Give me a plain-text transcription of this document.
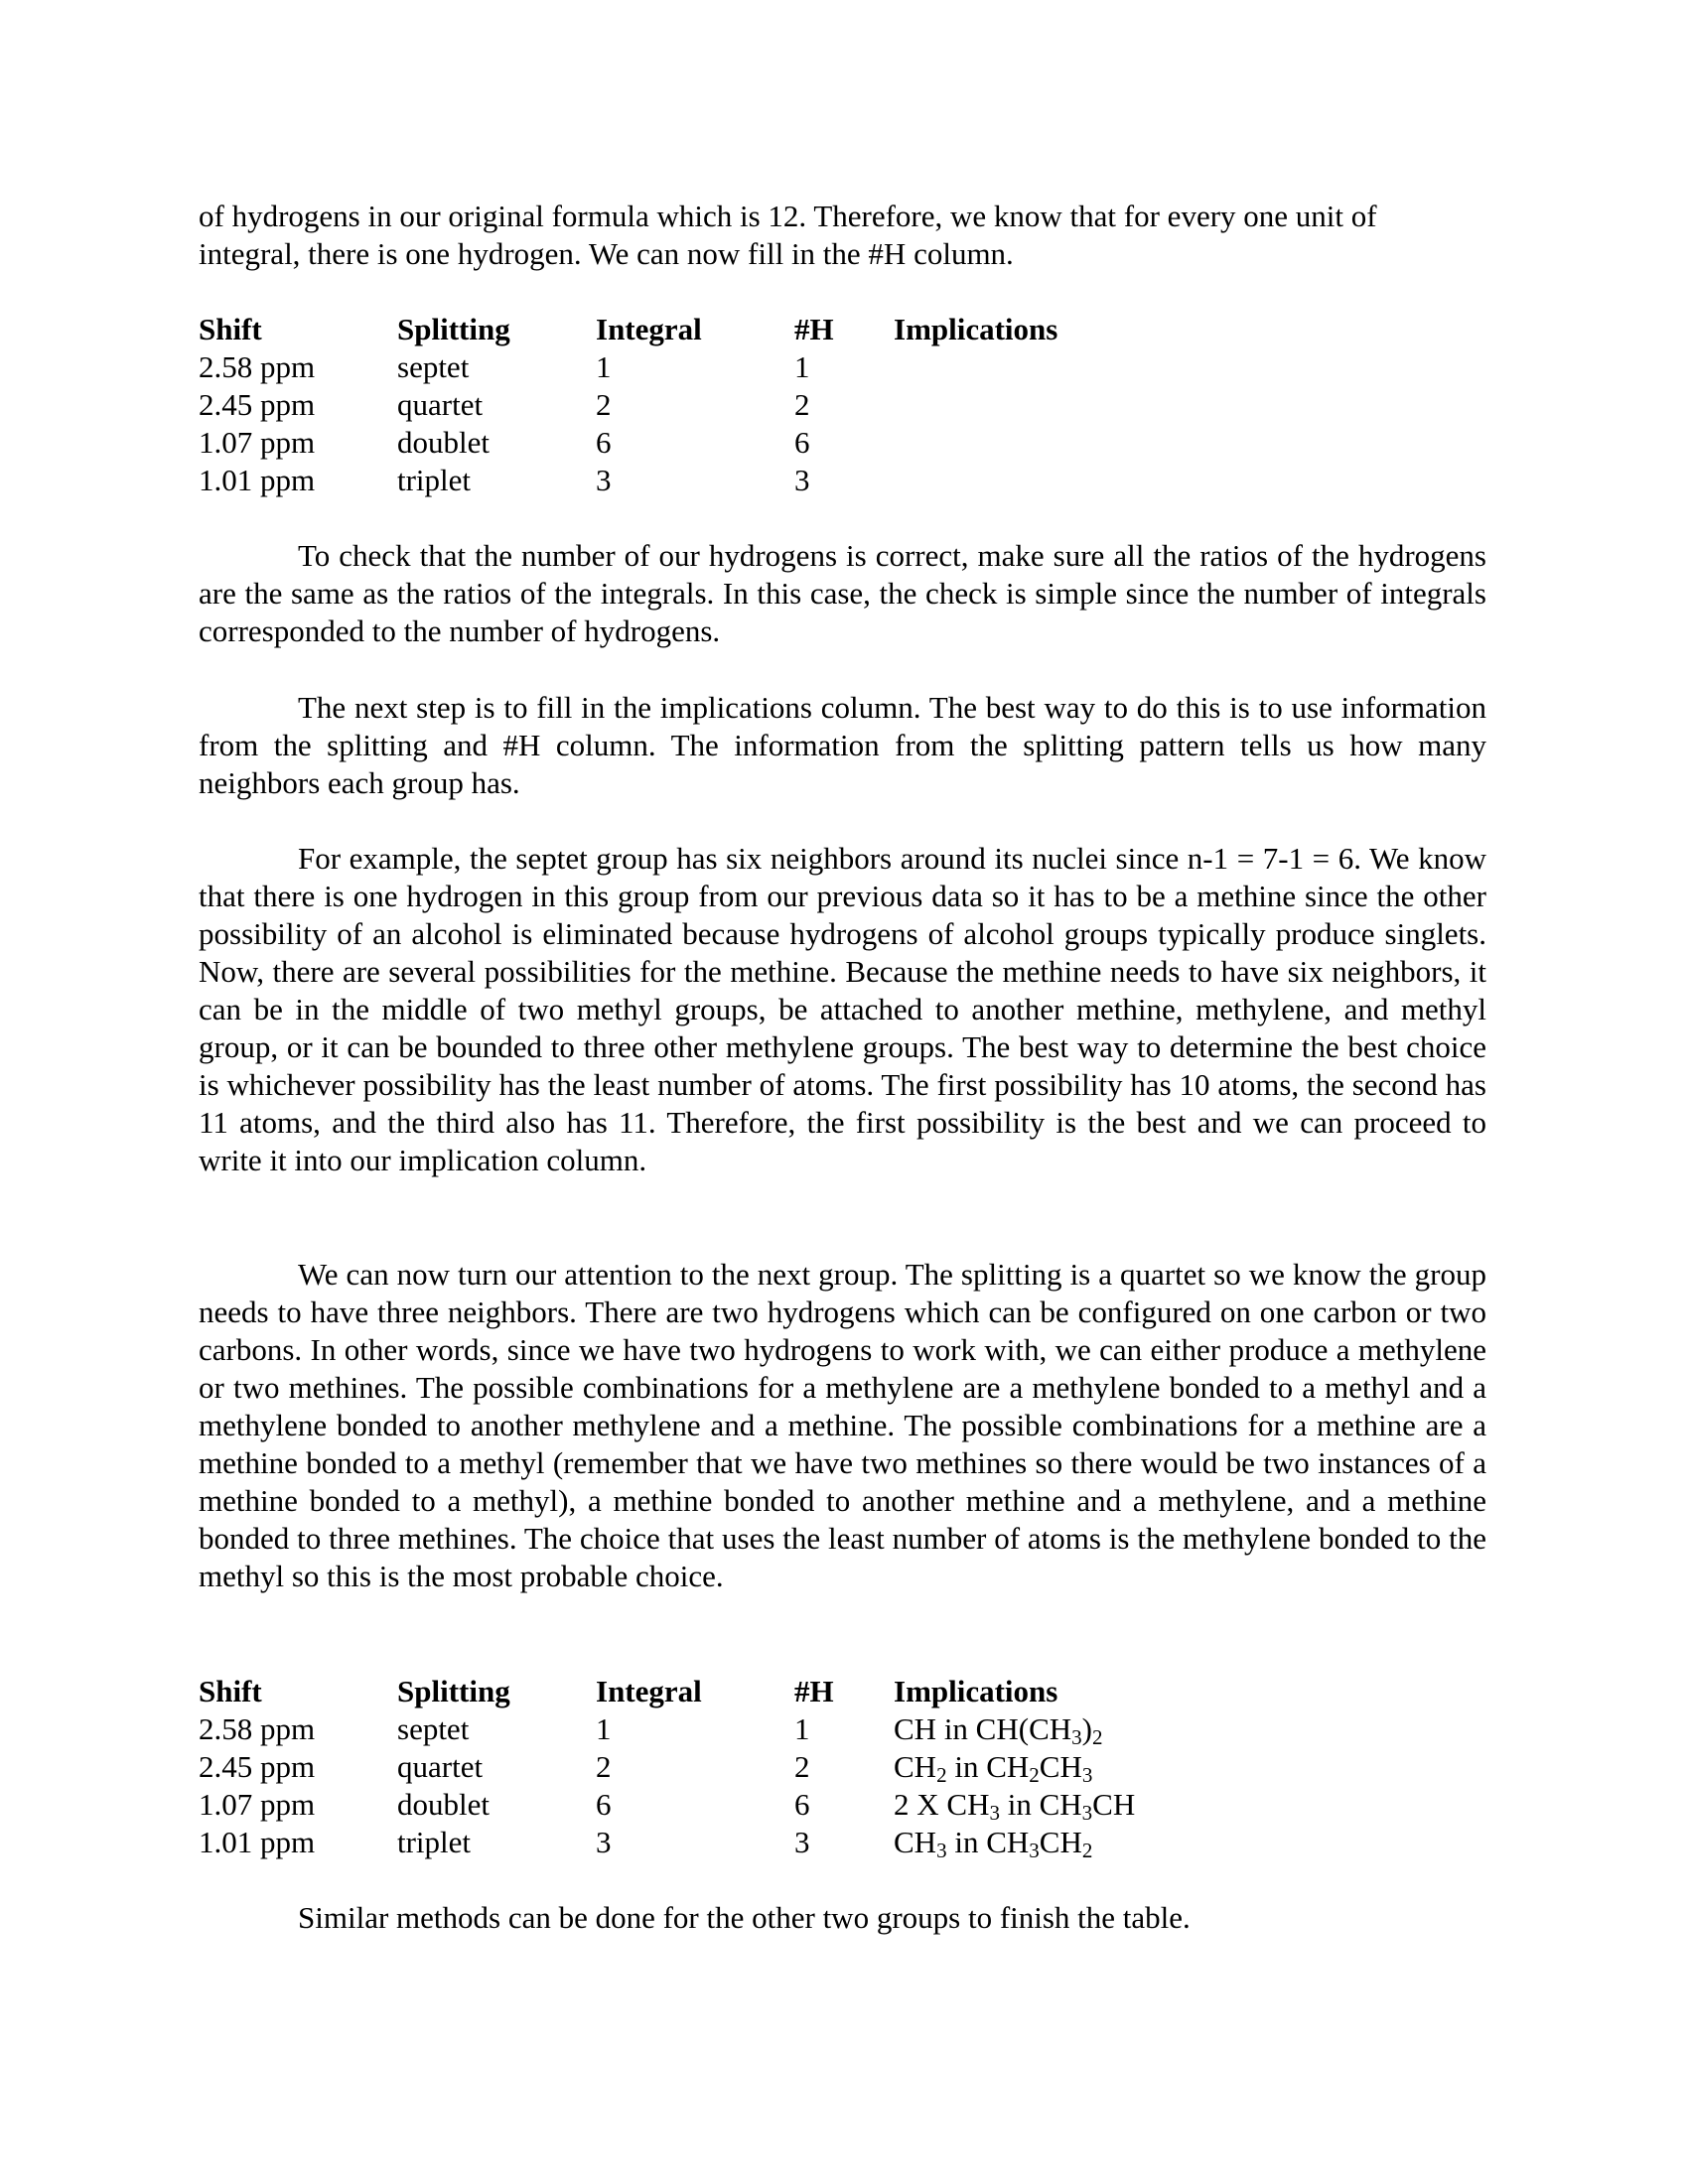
of hydrogens in our original formula which is 12. Therefore, we know that for every one unit of
integral, there is one hydrogen. We can now fill in the #H column.
Shift	Splitting	Integral	#H	Implications
2.58 ppm	septet	1	1	
2.45 ppm	quartet	2	2	
1.07 ppm	doublet	6	6	
1.01 ppm	triplet	3	3	

To check that the number of our hydrogens is correct, make sure all the ratios of the hydrogens are the same as the ratios of the integrals. In this case, the check is simple since the number of integrals corresponded to the number of hydrogens.

The next step is to fill in the implications column. The best way to do this is to use information from the splitting and #H column. The information from the splitting pattern tells us how many neighbors each group has.

For example, the septet group has six neighbors around its nuclei since n-1 = 7-1 = 6. We know that there is one hydrogen in this group from our previous data so it has to be a methine since the other possibility of an alcohol is eliminated because hydrogens of alcohol groups typically produce singlets. Now, there are several possibilities for the methine. Because the methine needs to have six neighbors, it can be in the middle of two methyl groups, be attached to another methine, methylene, and methyl group, or it can be bounded to three other methylene groups. The best way to determine the best choice is whichever possibility has the least number of atoms. The first possibility has 10 atoms, the second has 11 atoms, and the third also has 11. Therefore, the first possibility is the best and we can proceed to write it into our implication column.

We can now turn our attention to the next group. The splitting is a quartet so we know the group needs to have three neighbors. There are two hydrogens which can be configured on one carbon or two carbons. In other words, since we have two hydrogens to work with, we can either produce a methylene or two methines. The possible combinations for a methylene are a methylene bonded to a methyl and a methylene bonded to another methylene and a methine. The possible combinations for a methine are a methine bonded to a methyl (remember that we have two methines so there would be two instances of a methine bonded to a methyl), a methine bonded to another methine and a methylene, and a methine bonded to three methines. The choice that uses the least number of atoms is the methylene bonded to the methyl so this is the most probable choice.

Shift	Splitting	Integral	#H	Implications
2.58 ppm	septet	1	1	CH in $CH(CH_3)_2$
2.45 ppm	quartet	2	2	$CH_2$ in $CH_2CH_3$
1.07 ppm	doublet	6	6	2 X $CH_3$ in $CH_3CH$
1.01 ppm	triplet	3	3	$CH_3$ in $CH_3CH_2$

Similar methods can be done for the other two groups to finish the table.
